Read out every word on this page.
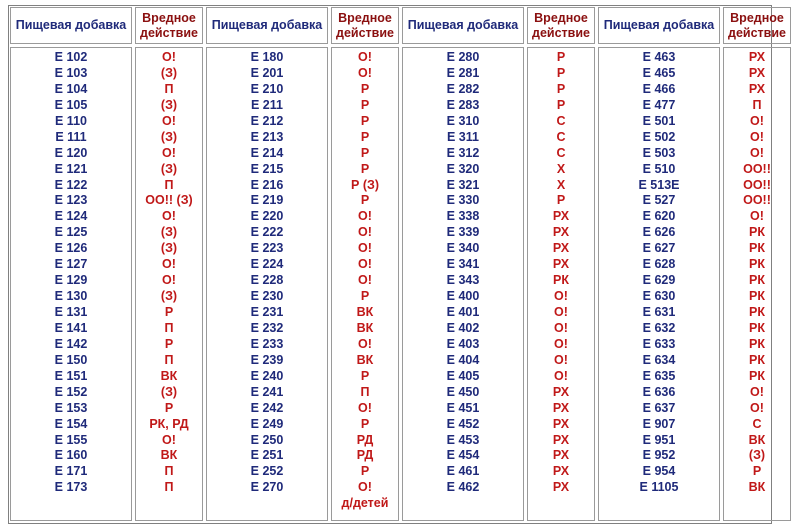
Пищевая добавка
Вредное
действие
Пищевая добавка
Вредное
действие
Пищевая добавка
Вредное
действие
Пищевая добавка
Вредное
действие
Е 102
Е 103
Е 104
Е 105
Е 110
Е 111
Е 120
Е 121
Е 122
Е 123
Е 124
Е 125
Е 126
Е 127
Е 129
Е 130
Е 131
Е 141
Е 142
Е 150
Е 151
Е 152
Е 153
Е 154
Е 155
Е 160
Е 171
Е 173
О!
(З)
П
(З)
О!
(З)
О!
(З)
П
ОО!! (З)
О!
(З)
(З)
О!
О!
(З)
Р
П
Р
П
ВК
(З)
Р
РК, РД
О!
ВК
П
П
Е 180
Е 201
Е 210
Е 211
Е 212
Е 213
Е 214
Е 215
Е 216
Е 219
Е 220
Е 222
Е 223
Е 224
Е 228
Е 230
Е 231
Е 232
Е 233
Е 239
Е 240
Е 241
Е 242
Е 249
Е 250
Е 251
Е 252
Е 270
О!
О!
Р
Р
Р
Р
Р
Р
Р (З)
Р
О!
О!
О!
О!
О!
Р
ВК
ВК
О!
ВК
Р
П
О!
Р
РД
РД
Р
О!
д/детей
Е 280
Е 281
Е 282
Е 283
Е 310
Е 311
Е 312
Е 320
Е 321
Е 330
Е 338
Е 339
Е 340
Е 341
Е 343
Е 400
Е 401
Е 402
Е 403
Е 404
Е 405
Е 450
Е 451
Е 452
Е 453
Е 454
Е 461
Е 462
Р
Р
Р
Р
С
С
С
Х
Х
Р
РХ
РХ
РХ
РХ
РК
О!
О!
О!
О!
О!
О!
РХ
РХ
РХ
РХ
РХ
РХ
РХ
Е 463
Е 465
Е 466
Е 477
Е 501
Е 502
Е 503
Е 510
Е 513Е
Е 527
Е 620
Е 626
Е 627
Е 628
Е 629
Е 630
Е 631
Е 632
Е 633
Е 634
Е 635
Е 636
Е 637
Е 907
Е 951
Е 952
Е 954
Е 1105
РХ
РХ
РХ
П
О!
О!
О!
ОО!!
ОО!!
ОО!!
О!
РК
РК
РК
РК
РК
РК
РК
РК
РК
РК
О!
О!
С
ВК
(З)
Р
ВК
